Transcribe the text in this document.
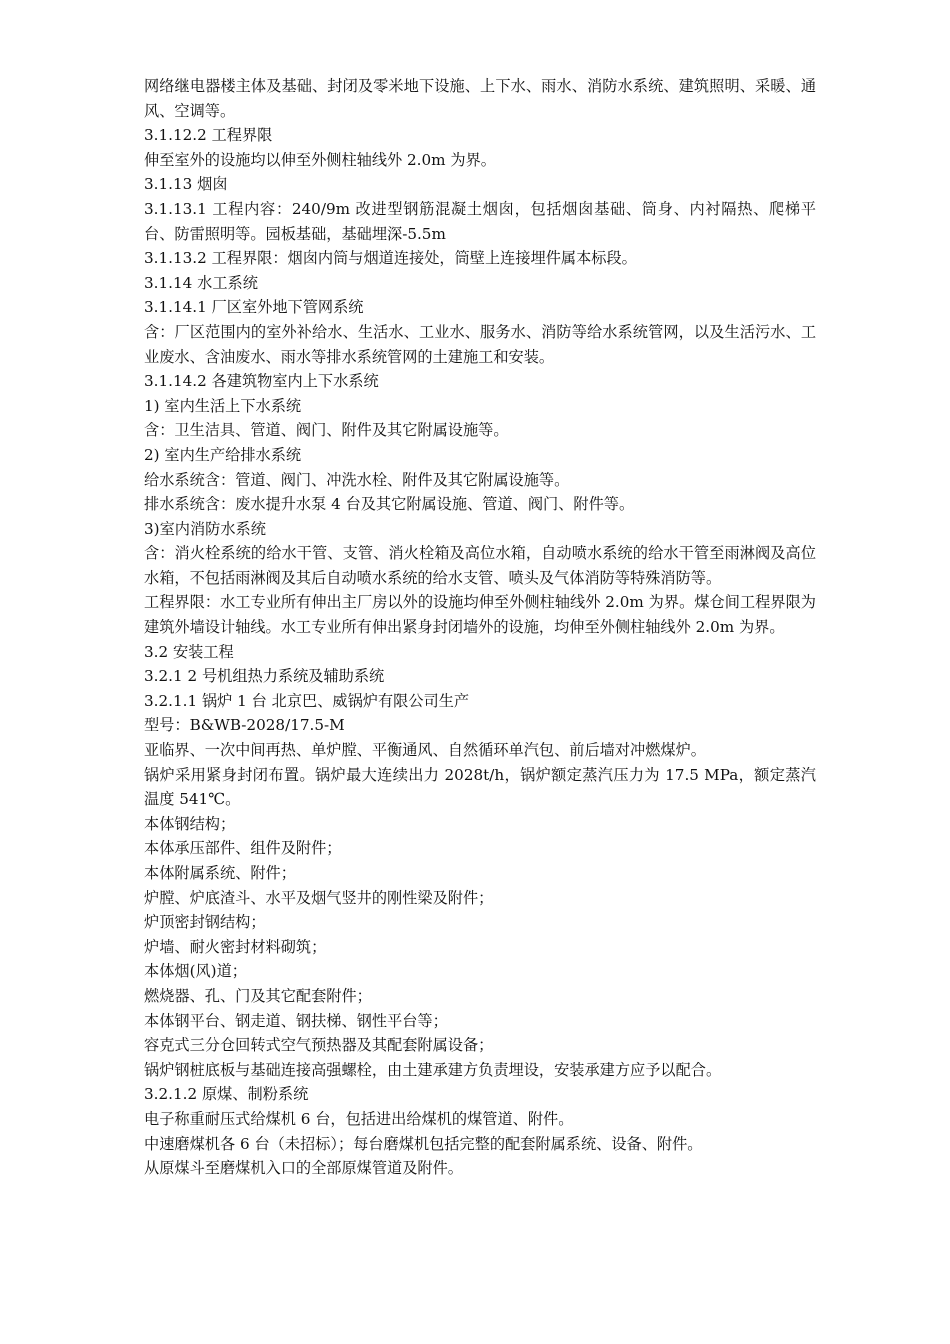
网络继电器楼主体及基础、封闭及零米地下设施、上下水、雨水、消防水系统、建筑照明、采暖、通风、空调等。

3.1.12.2 工程界限

伸至室外的设施均以伸至外侧柱轴线外 2.0m 为界。

3.1.13 烟囱

3.1.13.1 工程内容：240/9m 改进型钢筋混凝土烟囱，包括烟囱基础、筒身、内衬隔热、爬梯平台、防雷照明等。园板基础，基础埋深-5.5m

3.1.13.2 工程界限：烟囱内筒与烟道连接处，筒壁上连接埋件属本标段。

3.1.14 水工系统

3.1.14.1 厂区室外地下管网系统

含：厂区范围内的室外补给水、生活水、工业水、服务水、消防等给水系统管网，以及生活污水、工业废水、含油废水、雨水等排水系统管网的土建施工和安装。

3.1.14.2 各建筑物室内上下水系统

1) 室内生活上下水系统

含：卫生洁具、管道、阀门、附件及其它附属设施等。

2) 室内生产给排水系统

给水系统含：管道、阀门、冲洗水栓、附件及其它附属设施等。

排水系统含：废水提升水泵 4 台及其它附属设施、管道、阀门、附件等。

3)室内消防水系统

含：消火栓系统的给水干管、支管、消火栓箱及高位水箱，自动喷水系统的给水干管至雨淋阀及高位水箱，不包括雨淋阀及其后自动喷水系统的给水支管、喷头及气体消防等特殊消防等。

工程界限：水工专业所有伸出主厂房以外的设施均伸至外侧柱轴线外 2.0m 为界。煤仓间工程界限为建筑外墙设计轴线。水工专业所有伸出紧身封闭墙外的设施，均伸至外侧柱轴线外 2.0m 为界。

3.2 安装工程

3.2.1 2 号机组热力系统及辅助系统

3.2.1.1 锅炉 1 台 北京巴、威锅炉有限公司生产

型号：B&WB-2028/17.5-M

亚临界、一次中间再热、单炉膛、平衡通风、自然循环单汽包、前后墙对冲燃煤炉。

锅炉采用紧身封闭布置。锅炉最大连续出力 2028t/h，锅炉额定蒸汽压力为 17.5 MPa，额定蒸汽温度 541℃。

本体钢结构；

本体承压部件、组件及附件；

本体附属系统、附件；

炉膛、炉底渣斗、水平及烟气竖井的刚性梁及附件；

炉顶密封钢结构；

炉墙、耐火密封材料砌筑；

本体烟(风)道；

燃烧器、孔、门及其它配套附件；

本体钢平台、钢走道、钢扶梯、钢性平台等；

容克式三分仓回转式空气预热器及其配套附属设备；

锅炉钢桩底板与基础连接高强螺栓，由土建承建方负责埋设，安装承建方应予以配合。

3.2.1.2 原煤、制粉系统

电子称重耐压式给煤机 6 台，包括进出给煤机的煤管道、附件。

中速磨煤机各 6 台（未招标）；每台磨煤机包括完整的配套附属系统、设备、附件。

从原煤斗至磨煤机入口的全部原煤管道及附件。
